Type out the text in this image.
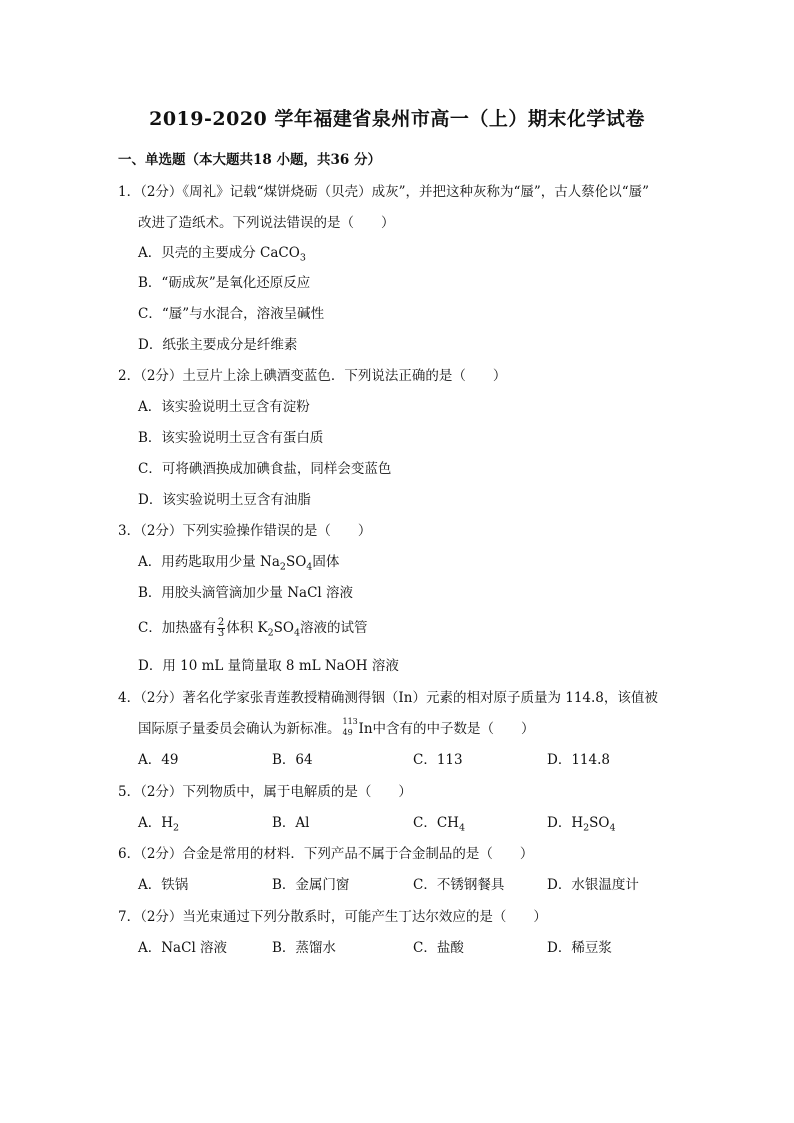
2019-2020 学年福建省泉州市高一（上）期末化学试卷
一、单选题（本大题共18 小题，共36 分）
1．（2分）《周礼》记载“煤饼烧砺（贝壳）成灰”，并把这种灰称为“蜃”，古人蔡伦以“蜃”
改进了造纸术。下列说法错误的是（　　）
A．贝壳的主要成分 CaCO$_3$
B．“砺成灰”是氧化还原反应
C．“蜃”与水混合，溶液呈碱性
D．纸张主要成分是纤维素
2．（2分）土豆片上涂上碘酒变蓝色．下列说法正确的是（　　）
A．该实验说明土豆含有淀粉
B．该实验说明土豆含有蛋白质
C．可将碘酒换成加碘食盐，同样会变蓝色
D．该实验说明土豆含有油脂
3．（2分）下列实验操作错误的是（　　）
A．用药匙取用少量 $Na_2SO_4$固体
B．用胶头滴管滴加少量 NaCl 溶液
C．加热盛有 $\frac{2}{3}$ 体积 $K_2SO_4$溶液的试管
D．用 10 mL 量筒量取 8 mL NaOH 溶液
4．（2分）著名化学家张青莲教授精确测得铟（In）元素的相对原子质量为 114.8，该值被
国际原子量委员会确认为新标准。 113
49 In中含有的中子数是（　　）
A．49	B．64	C．113	D．114.8
5．（2分）下列物质中，属于电解质的是（　　）
A．$H_2$	B．Al	C．$CH_4$	D．$H_2SO_4$
6．（2分）合金是常用的材料．下列产品不属于合金制品的是（　　）
A．铁锅	B．金属门窗	C．不锈钢餐具	D．水银温度计
7．（2分）当光束通过下列分散系时，可能产生丁达尔效应的是（　　）
A．NaCl 溶液	B．蒸馏水	C．盐酸	D．稀豆浆
